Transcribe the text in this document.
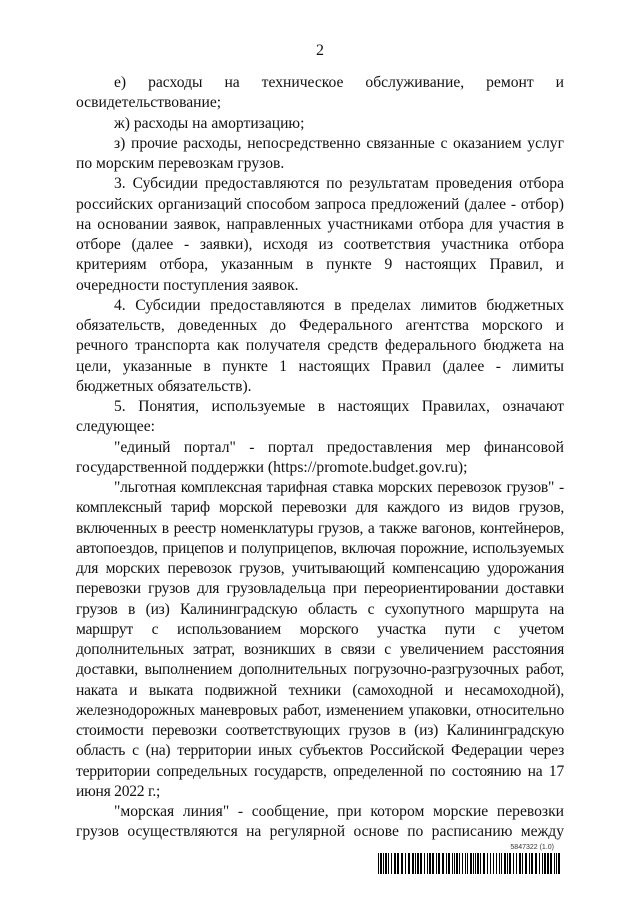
2

е) расходы на техническое обслуживание, ремонт и освидетельствование;

ж) расходы на амортизацию;

з) прочие расходы, непосредственно связанные с оказанием услуг по морским перевозкам грузов.

3. Субсидии предоставляются по результатам проведения отбора российских организаций способом запроса предложений (далее - отбор) на основании заявок, направленных участниками отбора для участия в отборе (далее - заявки), исходя из соответствия участника отбора критериям отбора, указанным в пункте 9 настоящих Правил, и очередности поступления заявок.

4. Субсидии предоставляются в пределах лимитов бюджетных обязательств, доведенных до Федерального агентства морского и речного транспорта как получателя средств федерального бюджета на цели, указанные в пункте 1 настоящих Правил (далее - лимиты бюджетных обязательств).

5. Понятия, используемые в настоящих Правилах, означают следующее:

"единый портал" - портал предоставления мер финансовой государственной поддержки (https://promote.budget.gov.ru);

"льготная комплексная тарифная ставка морских перевозок грузов" - комплексный тариф морской перевозки для каждого из видов грузов, включенных в реестр номенклатуры грузов, а также вагонов, контейнеров, автопоездов, прицепов и полуприцепов, включая порожние, используемых для морских перевозок грузов, учитывающий компенсацию удорожания перевозки грузов для грузовладельца при переориентировании доставки грузов в (из) Калининградскую область с сухопутного маршрута на маршрут с использованием морского участка пути с учетом дополнительных затрат, возникших в связи с увеличением расстояния доставки, выполнением дополнительных погрузочно-разгрузочных работ, наката и выката подвижной техники (самоходной и несамоходной), железнодорожных маневровых работ, изменением упаковки, относительно стоимости перевозки соответствующих грузов в (из) Калининградскую область с (на) территории иных субъектов Российской Федерации через территории сопредельных государств, определенной по состоянию на 17 июня 2022 г.;

"морская линия" - сообщение, при котором морские перевозки грузов осуществляются на регулярной основе по расписанию между

5847322 (1.0)
